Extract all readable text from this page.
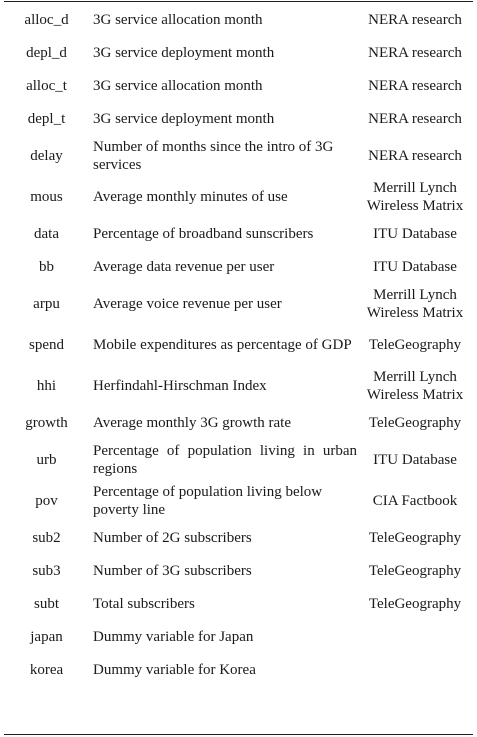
alloc_d	3G service allocation month	NERA research
depl_d	3G service deployment month	NERA research
alloc_t	3G service allocation month	NERA research
depl_t	3G service deployment month	NERA research
delay	Number of months since the intro of 3G services	NERA research
mous	Average monthly minutes of use	Merrill Lynch Wireless Matrix
data	Percentage of broadband sunscribers	ITU Database
bb	Average data revenue per user	ITU Database
arpu	Average voice revenue per user	Merrill Lynch Wireless Matrix
spend	Mobile expenditures as percentage of GDP	TeleGeography
hhi	Herfindahl-Hirschman Index	Merrill Lynch Wireless Matrix
growth	Average monthly 3G growth rate	TeleGeography
urb	Percentage of population living in urban regions	ITU Database
pov	Percentage of population living below poverty line	CIA Factbook
sub2	Number of 2G subscribers	TeleGeography
sub3	Number of 3G subscribers	TeleGeography
subt	Total subscribers	TeleGeography
japan	Dummy variable for Japan	
korea	Dummy variable for Korea	
